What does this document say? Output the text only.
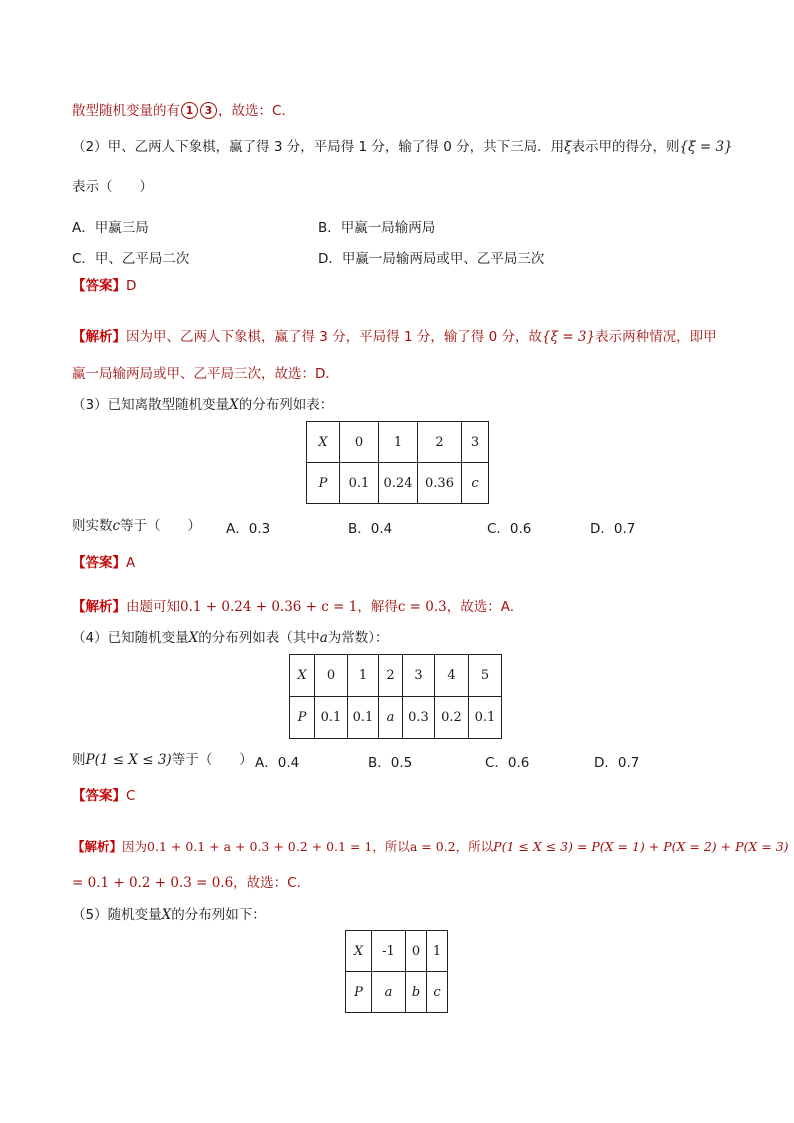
散型随机变量的有 1 3 ，故选：C.
（2）甲、乙两人下象棋，赢了得 3 分，平局得 1 分，输了得 0 分，共下三局．用ξ表示甲的得分，则{ξ = 3}
表示（　　）
A．甲赢三局	B．甲赢一局输两局
C．甲、乙平局二次	D．甲赢一局输两局或甲、乙平局三次
【答案】D
【解析】因为甲、乙两人下象棋，赢了得 3 分，平局得 1 分，输了得 0 分，故{ξ = 3}表示两种情况，即甲
赢一局输两局或甲、乙平局三次，故选：D．
（3）已知离散型随机变量X的分布列如表：
X	0	1	2	3
P	0.1	0.24	0.36	c
则实数c等于（　　） A．0.3	B．0.4	C．0.6	D．0.7
【答案】A
【解析】由题可知0.1 + 0.24 + 0.36 + c = 1，解得c = 0.3，故选：A.
（4）已知随机变量X的分布列如表（其中a为常数）：
X	0	1	2	3	4	5
P	0.1	0.1	a	0.3	0.2	0.1
则P(1 ≤ X ≤ 3)等于（　　） A．0.4	B．0.5	C．0.6	D．0.7
【答案】C
【解析】因为0.1 + 0.1 + a + 0.3 + 0.2 + 0.1 = 1，所以a = 0.2，所以P(1 ≤ X ≤ 3) = P(X = 1) + P(X = 2) + P(X = 3)
= 0.1 + 0.2 + 0.3 = 0.6，故选：C.
（5）随机变量X的分布列如下：
X	-1	0	1
P	a	b	c
